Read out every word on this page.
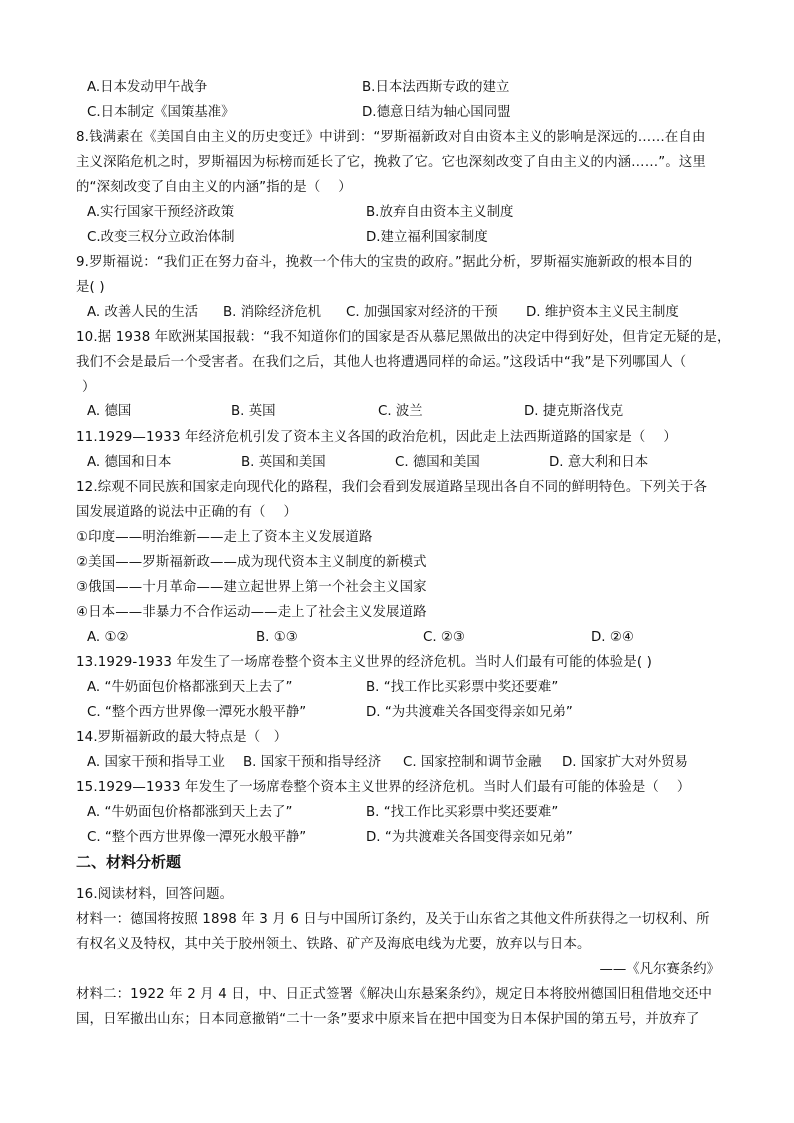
A.日本发动甲午战争	B.日本法西斯专政的建立
C.日本制定《国策基准》	D.德意日结为轴心国同盟
8.钱满素在《美国自由主义的历史变迁》中讲到：“罗斯福新政对自由资本主义的影响是深远的……在自由
主义深陷危机之时，罗斯福因为标榜而延长了它，挽救了它。它也深刻改变了自由主义的内涵……”。这里
的“深刻改变了自由主义的内涵”指的是（　 ）
A.实行国家干预经济政策	B.放弃自由资本主义制度
C.改变三权分立政治体制	D.建立福利国家制度
9.罗斯福说：“我们正在努力奋斗，挽救一个伟大的宝贵的政府。”据此分析，罗斯福实施新政的根本目的
是( )
A. 改善人民的生活 B. 消除经济危机 C. 加强国家对经济的干预 D. 维护资本主义民主制度
10.据 1938 年欧洲某国报载：“我不知道你们的国家是否从慕尼黑做出的决定中得到好处，但肯定无疑的是，
我们不会是最后一个受害者。在我们之后，其他人也将遭遇同样的命运。”这段话中“我”是下列哪国人（
）
A. 德国	B. 英国	C. 波兰	D. 捷克斯洛伐克
11.1929—1933 年经济危机引发了资本主义各国的政治危机，因此走上法西斯道路的国家是（　 ）
A. 德国和日本	B. 英国和美国	C. 德国和美国	D. 意大利和日本
12.综观不同民族和国家走向现代化的路程，我们会看到发展道路呈现出各自不同的鲜明特色。下列关于各
国发展道路的说法中正确的有（　 ）
①印度——明治维新——走上了资本主义发展道路
②美国——罗斯福新政——成为现代资本主义制度的新模式
③俄国——十月革命——建立起世界上第一个社会主义国家
④日本——非暴力不合作运动——走上了社会主义发展道路
A. ①②	B. ①③	C. ②③	D. ②④
13.1929-1933 年发生了一场席卷整个资本主义世界的经济危机。当时人们最有可能的体验是( )
A. “牛奶面包价格都涨到天上去了”	B. “找工作比买彩票中奖还要难”
C. “整个西方世界像一潭死水般平静”	D. “为共渡难关各国变得亲如兄弟”
14.罗斯福新政的最大特点是（　）
A. 国家干预和指导工业 B. 国家干预和指导经济 C. 国家控制和调节金融 D. 国家扩大对外贸易
15.1929—1933 年发生了一场席卷整个资本主义世界的经济危机。当时人们最有可能的体验是（　 ）
A. “牛奶面包价格都涨到天上去了”	B. “找工作比买彩票中奖还要难”
C. “整个西方世界像一潭死水般平静”	D. “为共渡难关各国变得亲如兄弟”
二、材料分析题
16.阅读材料，回答问题。
材料一：德国将按照 1898 年 3 月 6 日与中国所订条约，及关于山东省之其他文件所获得之一切权利、所
有权名义及特权，其中关于胶州领土、铁路、矿产及海底电线为尤要，放弃以与日本。
——《凡尔赛条约》
材料二：1922 年 2 月 4 日，中、日正式签署《解决山东悬案条约》，规定日本将胶州德国旧租借地交还中
国，日军撤出山东；日本同意撤销“二十一条”要求中原来旨在把中国变为日本保护国的第五号，并放弃了
